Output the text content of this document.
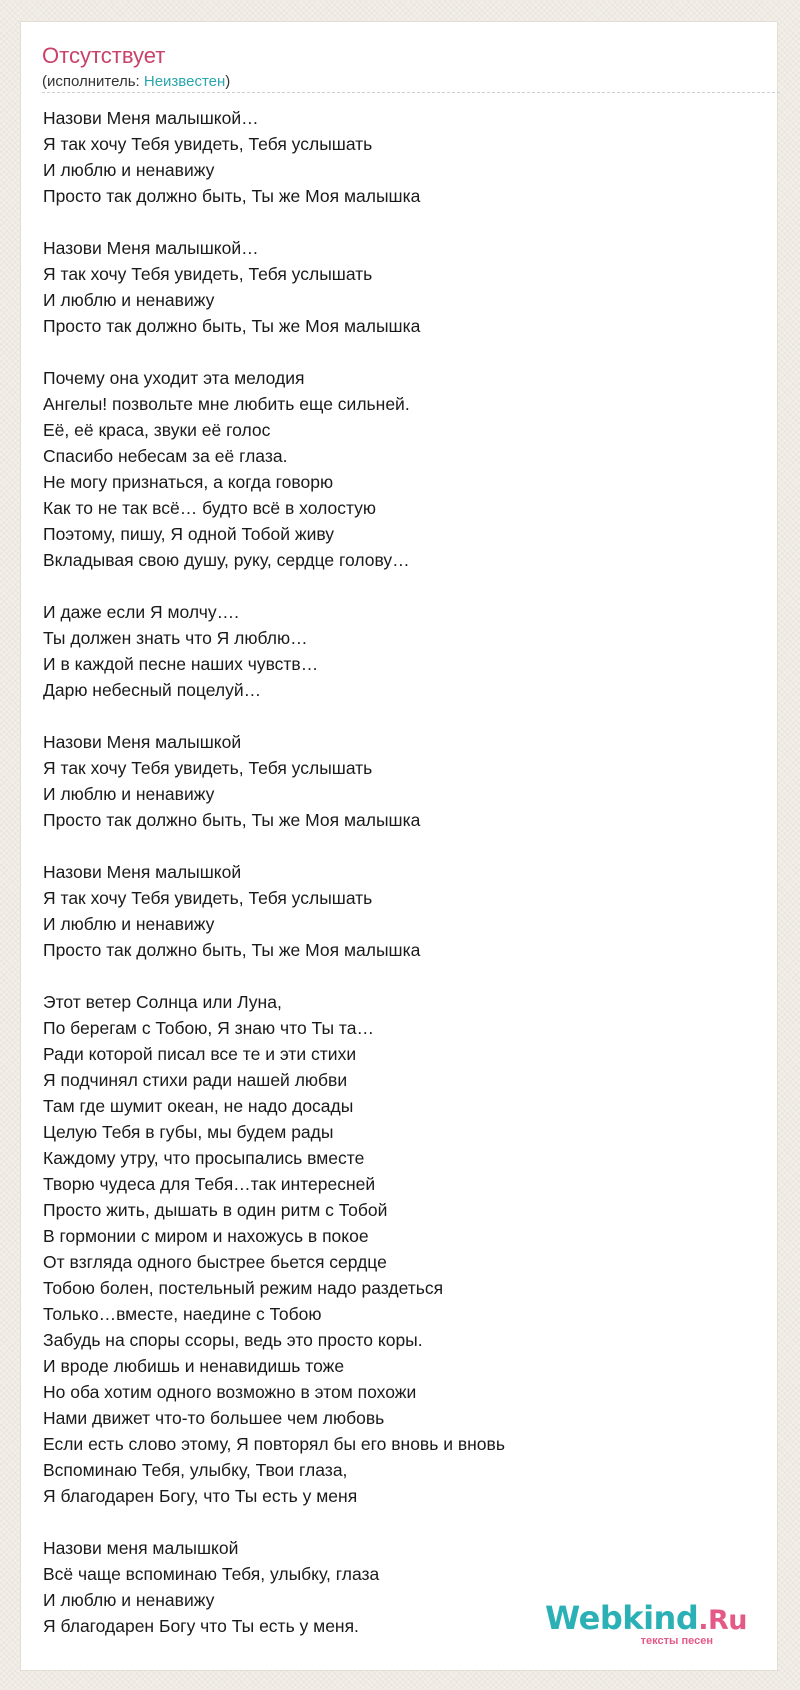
Отсутствует
(исполнитель: Неизвестен)
Назови Меня малышкой…
Я так хочу Тебя увидеть, Тебя услышать
И люблю и ненавижу
Просто так должно быть, Ты же Моя малышка
Назови Меня малышкой…
Я так хочу Тебя увидеть, Тебя услышать
И люблю и ненавижу
Просто так должно быть, Ты же Моя малышка
Почему она уходит эта мелодия
Ангелы! позвольте мне любить еще сильней.
Её, её краса, звуки её голос
Спасибо небесам за её глаза.
Не могу признаться, а когда говорю
Как то не так всё… будто всё в холостую
Поэтому, пишу, Я одной Тобой живу
Вкладывая свою душу, руку, сердце голову…
И даже если Я молчу….
Ты должен знать что Я люблю…
И в каждой песне наших чувств…
Дарю небесный поцелуй…
Назови Меня малышкой
Я так хочу Тебя увидеть, Тебя услышать
И люблю и ненавижу
Просто так должно быть, Ты же Моя малышка
Назови Меня малышкой
Я так хочу Тебя увидеть, Тебя услышать
И люблю и ненавижу
Просто так должно быть, Ты же Моя малышка
Этот ветер Солнца или Луна,
По берегам с Тобою, Я знаю что Ты та…
Ради которой писал все те и эти стихи
Я подчинял стихи ради нашей любви
Там где шумит океан, не надо досады
Целую Тебя в губы, мы будем рады
Каждому утру, что просыпались вместе
Творю чудеса для Тебя…так интересней
Просто жить, дышать в один ритм с Тобой
В гормонии с миром и нахожусь в покое
От взгляда одного быстрее бьется сердце
Тобою болен, постельный режим надо раздеться
Только…вместе, наедине с Тобою
Забудь на споры ссоры, ведь это просто коры.
И вроде любишь и ненавидишь тоже
Но оба хотим одного возможно в этом похожи
Нами движет что-то большее чем любовь
Если есть слово этому, Я повторял бы его вновь и вновь
Вспоминаю Тебя, улыбку, Твои глаза,
Я благодарен Богу, что Ты есть у меня
Назови меня малышкой
Всё чаще вспоминаю Тебя, улыбку, глаза
И люблю и ненавижу
Я благодарен Богу что Ты есть у меня.	Webkind.Ru
тексты песен
